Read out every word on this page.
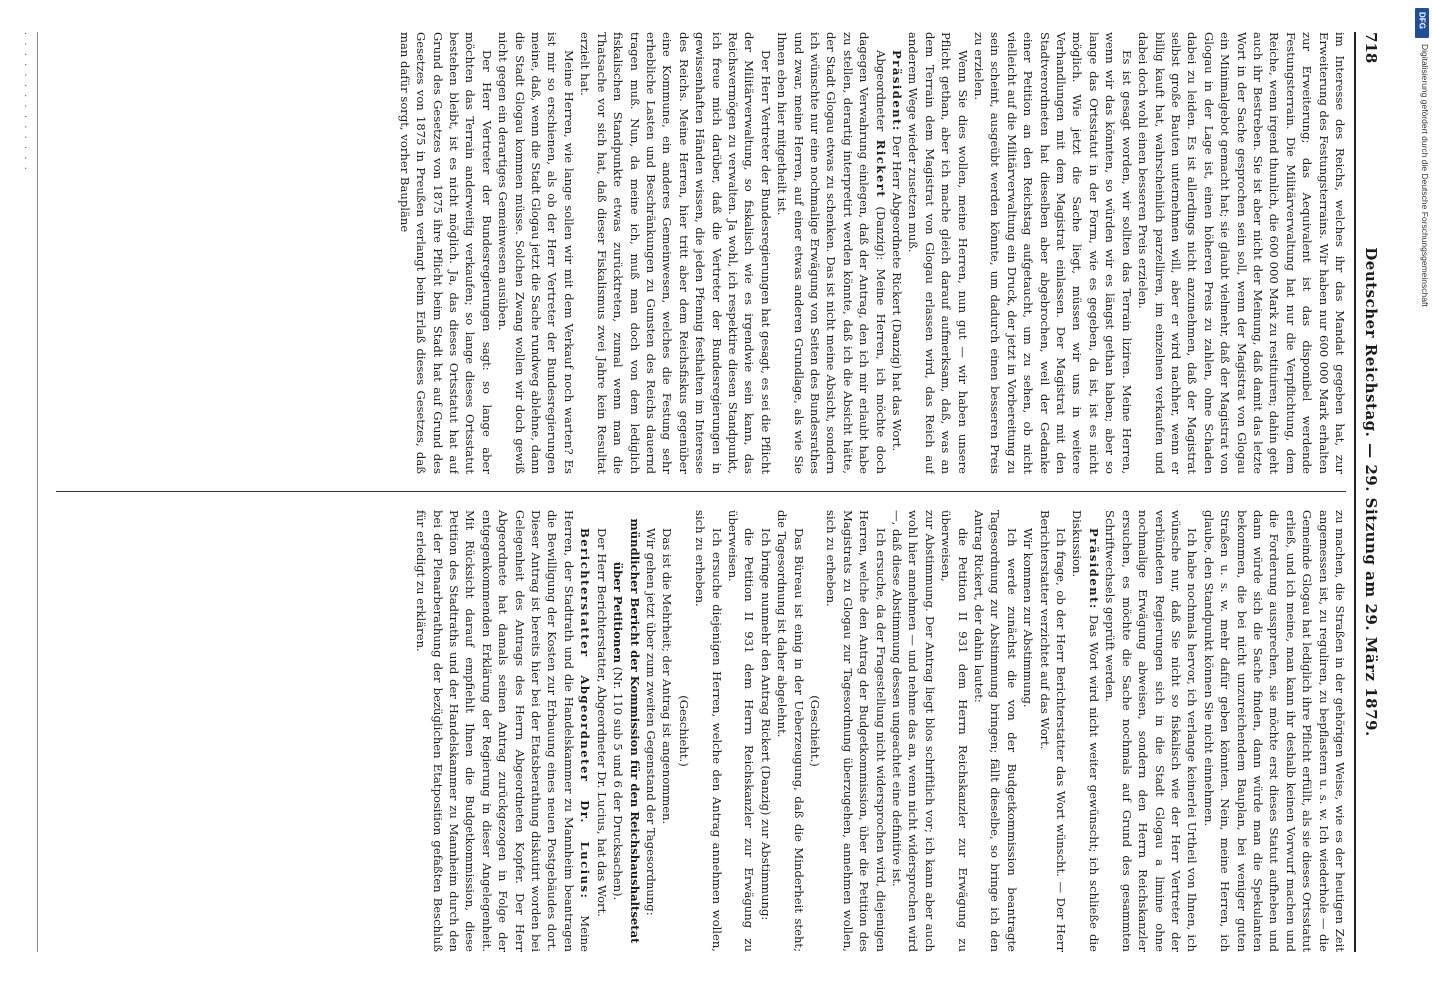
718
Deutscher Reichstag. — 29. Sitzung am 29. März 1879.

im Interesse des Reichs, welches ihr das Mandat gegeben hat, zur Erweiterung des Festungsterrains. Wir haben nur 600 000 Mark erhalten zur Erweiterung; das Aequivalent ist das disponibel werdende Festungsterrain. Die Militärverwaltung hat nur die Verpflichtung, dem Reiche, wenn irgend thunlich, die 600 000 Mark zu restituiren; dahin geht auch ihr Bestreben. Sie ist aber nicht der Meinung, daß damit das letzte Wort in der Sache gesprochen sein soll, wenn der Magistrat von Glogau ein Minimalgebot gemacht hat; sie glaubt vielmehr, daß der Magistrat von Glogau in der Lage ist, einen höheren Preis zu zahlen, ohne Schaden dabei zu leiden. Es ist allerdings nicht anzunehmen, daß der Magistrat selbst große Bauten unternehmen will, aber er wird nachher, wenn er billig kauft hat, wahrscheinlich parzelliren, im einzelnen verkaufen und dabei doch wohl einen besseren Preis erzielen.

Es ist gesagt worden, wir sollten das Terrain liziren. Meine Herren, wenn wir das könnten, so würden wir es längst gethan haben; aber so lange das Ortsstatut in der Form, wie es gegeben, da ist, ist es nicht möglich. Wie jetzt die Sache liegt, müssen wir uns in weitere Verhandlungen mit dem Magistrat einlassen. Der Magistrat mit den Stadtverordneten hat dieselben aber abgebrochen, weil der Gedanke einer Petition an den Reichstag aufgetaucht, um zu sehen, ob nicht vielleicht auf die Militärverwaltung ein Druck, der jetzt in Vorbereitung zu sein scheint, ausgeübt werden könnte, um dadurch einen besseren Preis zu erzielen.

Wenn Sie dies wollen, meine Herren, nun gut — wir haben unsere Pflicht gethan, aber ich mache gleich darauf aufmerksam, daß, was an dem Terrain dem Magistrat von Glogau erlassen wird, das Reich auf anderem Wege wieder zusetzen muß.

Präsident: Der Herr Abgeordnete Rickert (Danzig) hat das Wort.

Abgeordneter Rickert (Danzig): Meine Herren, ich möchte doch dagegen Verwahrung einlegen, daß der Antrag, den ich mir erlaubt habe zu stellen, derartig interpretirt werden könnte, daß ich die Absicht hätte, der Stadt Glogau etwas zu schenken. Das ist nicht meine Absicht, sondern ich wünschte nur eine nochmalige Erwägung von Seiten des Bundesrathes und zwar, meine Herren, auf einer etwas anderen Grundlage, als wie Sie Ihnen eben hier mitgetheilt ist.

Der Herr Vertreter der Bundesregierungen hat gesagt, es sei die Pflicht der Militärverwaltung, so fiskalisch wie es irgendwie sein kann, das Reichsvermögen zu verwalten. Ja wohl, ich respektire diesen Standpunkt, ich freue mich darüber, daß die Vertreter der Bundesregierungen in gewissenhaften Händen wissen, die jeden Pfennig festhalten im Interesse des Reichs. Meine Herren, hier tritt aber dem Reichsfiskus gegenüber eine Kommune, ein anderes Gemeinwesen, welches die Festung sehr erhebliche Lasten und Beschränkungen zu Gunsten des Reichs dauernd tragen muß. Nun, da meine ich, muß man doch von dem lediglich fiskalischen Standpunkte etwas zurücktreten, zumal wenn man die Thatsache vor sich hat, daß dieser Fiskalismus zwei Jahre kein Resultat erzielt hat.

Meine Herren, wie lange sollen wir mit dem Verkauf noch warten? Es ist mir so erschienen, als ob der Herr Vertreter der Bundesregierungen meine, daß, wenn die Stadt Glogau jetzt die Sache rundweg ablehne, dann die Stadt Glogau kommen müsse. Solchen Zwang wollen wir doch gewiß nicht gegen ein derartiges Gemeinwesen ausüben.

Der Herr Vertreter der Bundesregierungen sagt: so lange aber möchten das Terrain anderweitig verkaufen; so lange dieses Ortsstatut bestehen bleibt, ist es nicht möglich. Ja, das dieses Ortsstatut hat auf Grund des Gesetzes von 1875 ihre Pflicht beim Stadt hat auf Grund des Gesetzes von 1875 in Preußen verlangt beim Erlaß dieses Gesetzes, daß man dafür sorgt, vorher Baupläne

zu machen, die Straßen in der gehörigen Weise, wie es der heutigen Zeit angemessen ist, zu reguliren, zu bepflastern u. s. w. Ich wiederhole — die Gemeinde Glogau hat lediglich ihre Pflicht erfüllt, als sie dieses Ortsstatut erließ, und ich meine, man kann ihr deshalb keinen Vorwurf machen und die Forderung aussprechen, sie möchte erst dieses Statut aufheben und dann würde sich die Sache finden, dann würde man die Spekulanten bekommen, die bei nicht unzureichendem Bauplan, bei weniger guten Straßen u. s. w. mehr dafür geben könnten. Nein, meine Herren, ich glaube, den Standpunkt können Sie nicht einnehmen.

Ich habe nochmals hervor, ich verlange keinerlei Urtheil von Ihnen, ich wünsche nur, daß Sie nicht so fiskalisch wie der Herr Vertreter der verbündeten Regierungen sich in die Stadt Glogau a limine ohne nochmalige Erwägung abweisen, sondern den Herrn Reichskanzler ersuchen, es möchte die Sache nochmals auf Grund des gesammten Schriftwechsels geprüft werden.

Präsident: Das Wort wird nicht weiter gewünscht; ich schließe die Diskussion.

Ich frage, ob der Herr Berichterstatter das Wort wünscht. — Der Herr Berichterstatter verzichtet auf das Wort.

Wir kommen zur Abstimmung.

Ich werde zunächst die von der Budgetkommission beantragte Tagesordnung zur Abstimmung bringen; fällt dieselbe, so bringe ich den Antrag Rickert, der dahin lautet:

die Petition II 931 dem Herrn Reichskanzler zur Erwägung zu überweisen,

zur Abstimmung. Der Antrag liegt blos schriftlich vor; ich kann aber auch wohl hier annehmen — und nehme das an, wenn nicht widersprochen wird —, daß diese Abstimmung dessen ungeachtet eine definitive ist.

Ich ersuche, da der Fragestellung nicht widersprochen wird, diejenigen Herren, welche den Antrag der Budgetkommission, über die Petition des Magistrats zu Glogau zur Tagesordnung überzugehen, annehmen wollen, sich zu erheben.

(Geschieht.)

Das Büreau ist einig in der Ueberzeugung, daß die Minderheit steht; die Tagesordnung ist daher abgelehnt.

Ich bringe nunmehr den Antrag Rickert (Danzig) zur Abstimmung:

die Petition II 931 dem Herrn Reichskanzler zur Erwägung zu überweisen.

Ich ersuche diejenigen Herren, welche den Antrag annehmen wollen, sich zu erheben.

(Geschieht.)

Das ist die Mehrheit; der Antrag ist angenommen.

Wir gehen jetzt über zum zweiten Gegenstand der Tagesordnung:

mündlicher Bericht der Kommission für den Reichshaushaltsetat über Petitionen (Nr. 110 sub 5 und 6 der Drucksachen).

Der Herr Berichterstatter, Abgeordneter Dr. Lucius, hat das Wort.

Berichterstatter Abgeordneter Dr. Lucius: Meine Herren, der Stadtrath und die Handelskammer zu Mannheim beantragen die Bewilligung der Kosten zur Erbauung eines neuen Postgebäudes dort. Dieser Antrag ist bereits hier bei der Etatsberathung diskutirt worden bei Gelegenheit des Antrags des Herrn Abgeordneten Kopfer. Der Herr Abgeordnete hat damals seinen Antrag zurückgezogen in Folge der entgegenkommenden Erklärung der Regierung in dieser Angelegenheit. Mit Rücksicht darauf empfiehlt Ihnen die Budgetkommission, diese Petition des Stadtraths und der Handelskammer zu Mannheim durch den bei der Plenarberathung der bezüglichen Etatposition gefaßten Beschluß für erledigt zu erklären.

. . . . . . . . . . . . . .
DFG
Digitalisierung gefördert durch die Deutsche Forschungsgemeinschaft
